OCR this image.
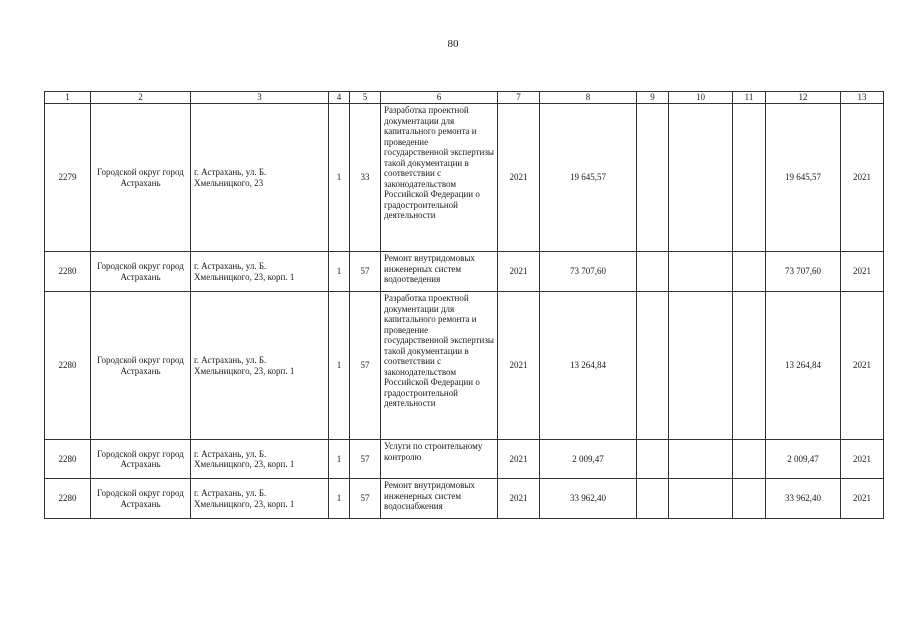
80
1	2	3	4	5	6	7	8	9	10	11	12	13
2279	Городской округ город Астрахань	г. Астрахань, ул. Б. Хмельницкого, 23	1	33	Разработка проектной документации для капитального ремонта и проведение государственной экспертизы такой документации в соответствии с законодательством Российской Федерации о градостроительной деятельности	2021	19 645,57				19 645,57	2021
2280	Городской округ город Астрахань	г. Астрахань, ул. Б. Хмельницкого, 23, корп. 1	1	57	Ремонт внутридомовых инженерных систем водоотведения	2021	73 707,60				73 707,60	2021
2280	Городской округ город Астрахань	г. Астрахань, ул. Б. Хмельницкого, 23, корп. 1	1	57	Разработка проектной документации для капитального ремонта и проведение государственной экспертизы такой документации в соответствии с законодательством Российской Федерации о градостроительной деятельности	2021	13 264,84				13 264,84	2021
2280	Городской округ город Астрахань	г. Астрахань, ул. Б. Хмельницкого, 23, корп. 1	1	57	Услуги по строительному контролю	2021	2 009,47				2 009,47	2021
2280	Городской округ город Астрахань	г. Астрахань, ул. Б. Хмельницкого, 23, корп. 1	1	57	Ремонт внутридомовых инженерных систем водоснабжения	2021	33 962,40				33 962,40	2021
